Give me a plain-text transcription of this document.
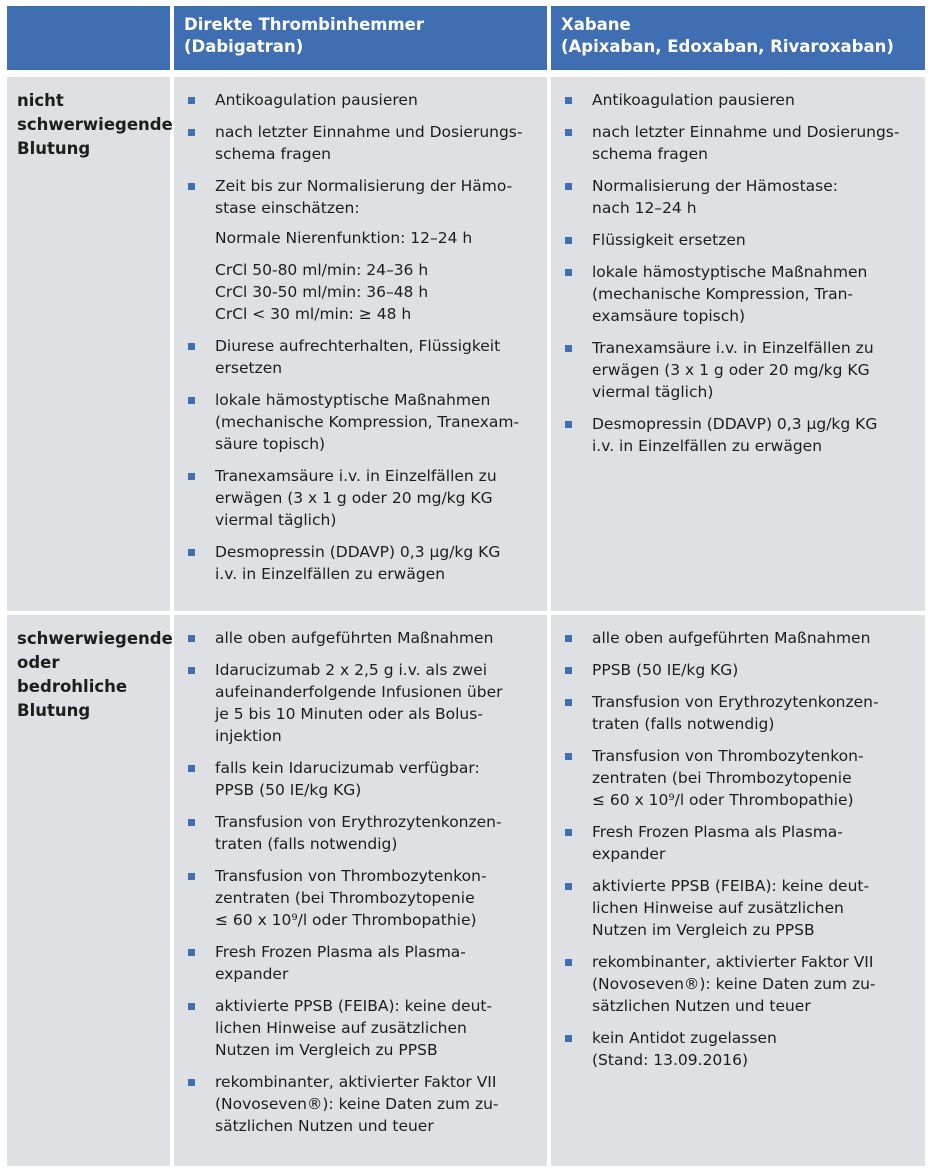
Direkte Thrombinhemmer
(Dabigatran)
Xabane
(Apixaban, Edoxaban, Rivaroxaban)
nicht
schwerwiegende
Blutung
Antikoagulation pausieren
nach letzter Einnahme und Dosierungs-
schema fragen
Zeit bis zur Normalisierung der Hämo-
stase einschätzen:
Normale Nierenfunktion: 12–24 h
CrCl 50-80 ml/min: 24–36 h
CrCl 30-50 ml/min: 36–48 h
CrCl < 30 ml/min: ≥ 48 h
Diurese aufrechterhalten, Flüssigkeit
ersetzen
lokale hämostyptische Maßnahmen
(mechanische Kompression, Tranexam-
säure topisch)
Tranexamsäure i.v. in Einzelfällen zu
erwägen (3 x 1 g oder 20 mg/kg KG
viermal täglich)
Desmopressin (DDAVP) 0,3 µg/kg KG
i.v. in Einzelfällen zu erwägen
Antikoagulation pausieren
nach letzter Einnahme und Dosierungs-
schema fragen
Normalisierung der Hämostase:
nach 12–24 h
Flüssigkeit ersetzen
lokale hämostyptische Maßnahmen
(mechanische Kompression, Tran-
examsäure topisch)
Tranexamsäure i.v. in Einzelfällen zu
erwägen (3 x 1 g oder 20 mg/kg KG
viermal täglich)
Desmopressin (DDAVP) 0,3 µg/kg KG
i.v. in Einzelfällen zu erwägen
schwerwiegende
oder bedrohliche
Blutung
alle oben aufgeführten Maßnahmen
Idarucizumab 2 x 2,5 g i.v. als zwei
aufeinanderfolgende Infusionen über
je 5 bis 10 Minuten oder als Bolus-
injektion
falls kein Idarucizumab verfügbar:
PPSB (50 IE/kg KG)
Transfusion von Erythrozytenkonzen-
traten (falls notwendig)
Transfusion von Thrombozytenkon-
zentraten (bei Thrombozytopenie
≤ 60 x 10⁹/l oder Thrombopathie)
Fresh Frozen Plasma als Plasma-
expander
aktivierte PPSB (FEIBA): keine deut-
lichen Hinweise auf zusätzlichen
Nutzen im Vergleich zu PPSB
rekombinanter, aktivierter Faktor VII
(Novoseven®): keine Daten zum zu-
sätzlichen Nutzen und teuer
alle oben aufgeführten Maßnahmen
PPSB (50 IE/kg KG)
Transfusion von Erythrozytenkonzen-
traten (falls notwendig)
Transfusion von Thrombozytenkon-
zentraten (bei Thrombozytopenie
≤ 60 x 10⁹/l oder Thrombopathie)
Fresh Frozen Plasma als Plasma-
expander
aktivierte PPSB (FEIBA): keine deut-
lichen Hinweise auf zusätzlichen
Nutzen im Vergleich zu PPSB
rekombinanter, aktivierter Faktor VII
(Novoseven®): keine Daten zum zu-
sätzlichen Nutzen und teuer
kein Antidot zugelassen
(Stand: 13.09.2016)
